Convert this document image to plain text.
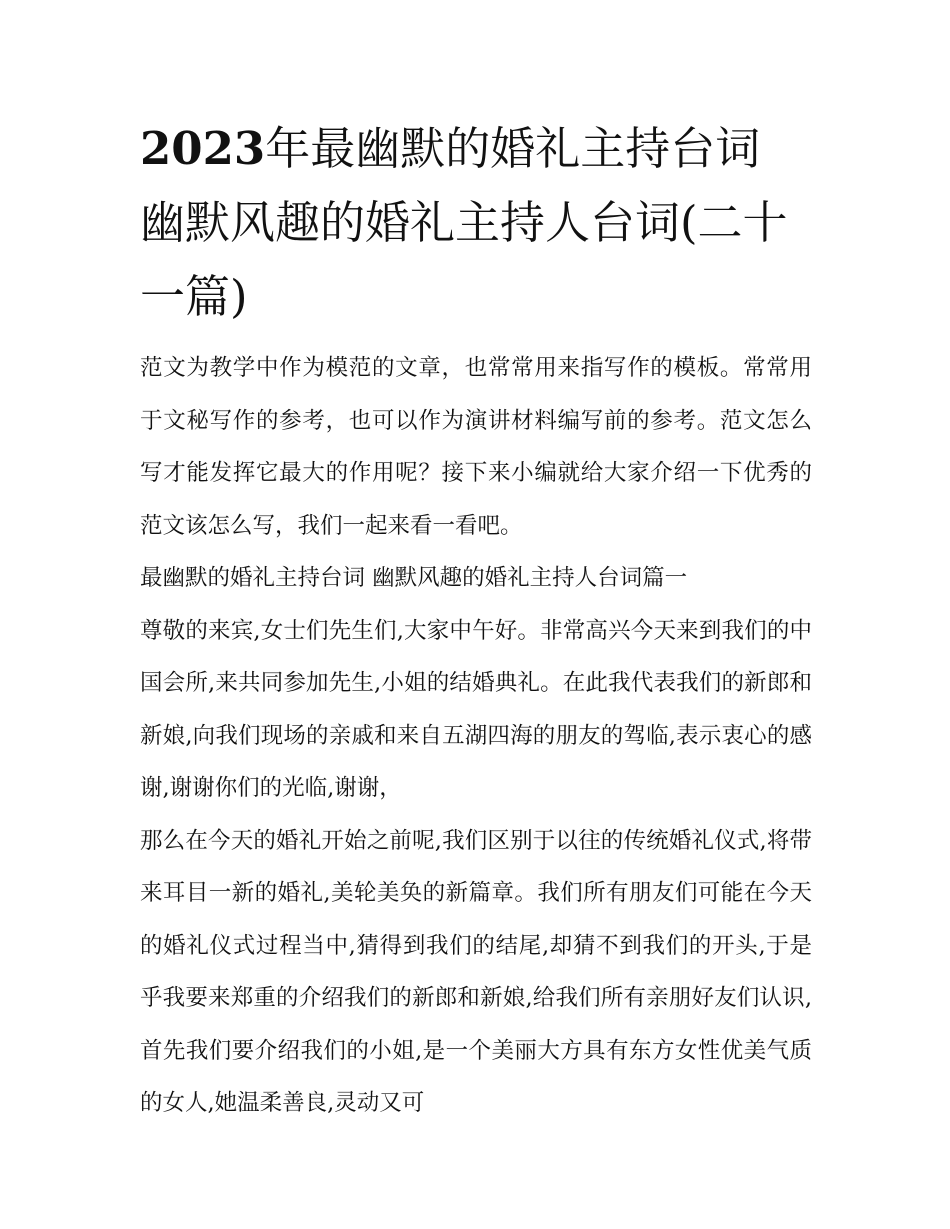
2023年最幽默的婚礼主持台词 幽默风趣的婚礼主持人台词(二十一篇)

范文为教学中作为模范的文章，也常常用来指写作的模板。常常用于文秘写作的参考，也可以作为演讲材料编写前的参考。范文怎么写才能发挥它最大的作用呢？接下来小编就给大家介绍一下优秀的范文该怎么写，我们一起来看一看吧。

最幽默的婚礼主持台词 幽默风趣的婚礼主持人台词篇一

尊敬的来宾,女士们先生们,大家中午好。非常高兴今天来到我们的中国会所,来共同参加先生,小姐的结婚典礼。在此我代表我们的新郎和新娘,向我们现场的亲戚和来自五湖四海的朋友的驾临,表示衷心的感谢,谢谢你们的光临,谢谢，

那么在今天的婚礼开始之前呢,我们区别于以往的传统婚礼仪式,将带来耳目一新的婚礼,美轮美奂的新篇章。我们所有朋友们可能在今天的婚礼仪式过程当中,猜得到我们的结尾,却猜不到我们的开头,于是乎我要来郑重的介绍我们的新郎和新娘,给我们所有亲朋好友们认识,首先我们要介绍我们的小姐,是一个美丽大方具有东方女性优美气质的女人,她温柔善良,灵动又可
